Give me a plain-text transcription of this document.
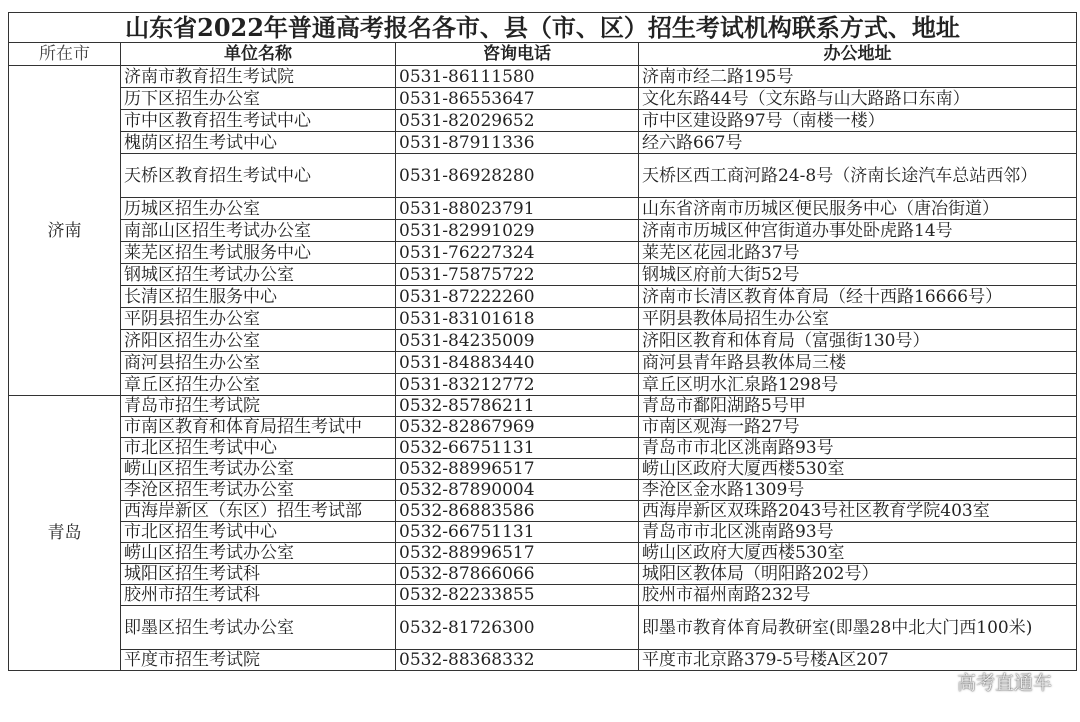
山东省2022年普通高考报名各市、县（市、区）招生考试机构联系方式、地址			
所在市	单位名称	咨询电话	办公地址
济南	济南市教育招生考试院	0531-86111580	济南市经二路195号
	历下区招生办公室	0531-86553647	文化东路44号（文东路与山大路路口东南）
	市中区教育招生考试中心	0531-82029652	市中区建设路97号（南楼一楼）
	槐荫区招生考试中心	0531-87911336	经六路667号
	天桥区教育招生考试中心	0531-86928280	天桥区西工商河路24-8号（济南长途汽车总站西邻）
	历城区招生办公室	0531-88023791	山东省济南市历城区便民服务中心（唐冶街道）
	南部山区招生考试办公室	0531-82991029	济南市历城区仲宫街道办事处卧虎路14号
	莱芜区招生考试服务中心	0531-76227324	莱芜区花园北路37号
	钢城区招生考试办公室	0531-75875722	钢城区府前大街52号
	长清区招生服务中心	0531-87222260	济南市长清区教育体育局（经十西路16666号）
	平阴县招生办公室	0531-83101618	平阴县教体局招生办公室
	济阳区招生办公室	0531-84235009	济阳区教育和体育局（富强街130号）
	商河县招生办公室	0531-84883440	商河县青年路县教体局三楼
	章丘区招生办公室	0531-83212772	章丘区明水汇泉路1298号
青岛	青岛市招生考试院	0532-85786211	青岛市鄱阳湖路5号甲
	市南区教育和体育局招生考试中	0532-82867969	市南区观海一路27号
	市北区招生考试中心	0532-66751131	青岛市市北区洮南路93号
	崂山区招生考试办公室	0532-88996517	崂山区政府大厦西楼530室
	李沧区招生考试办公室	0532-87890004	李沧区金水路1309号
	西海岸新区（东区）招生考试部	0532-86883586	西海岸新区双珠路2043号社区教育学院403室
	市北区招生考试中心	0532-66751131	青岛市市北区洮南路93号
	崂山区招生考试办公室	0532-88996517	崂山区政府大厦西楼530室
	城阳区招生考试科	0532-87866066	城阳区教体局（明阳路202号）
	胶州市招生考试科	0532-82233855	胶州市福州南路232号
	即墨区招生考试办公室	0532-81726300	即墨市教育体育局教研室(即墨28中北大门西100米)
	平度市招生考试院	0532-88368332	平度市北京路379-5号楼A区207
高考直通车
